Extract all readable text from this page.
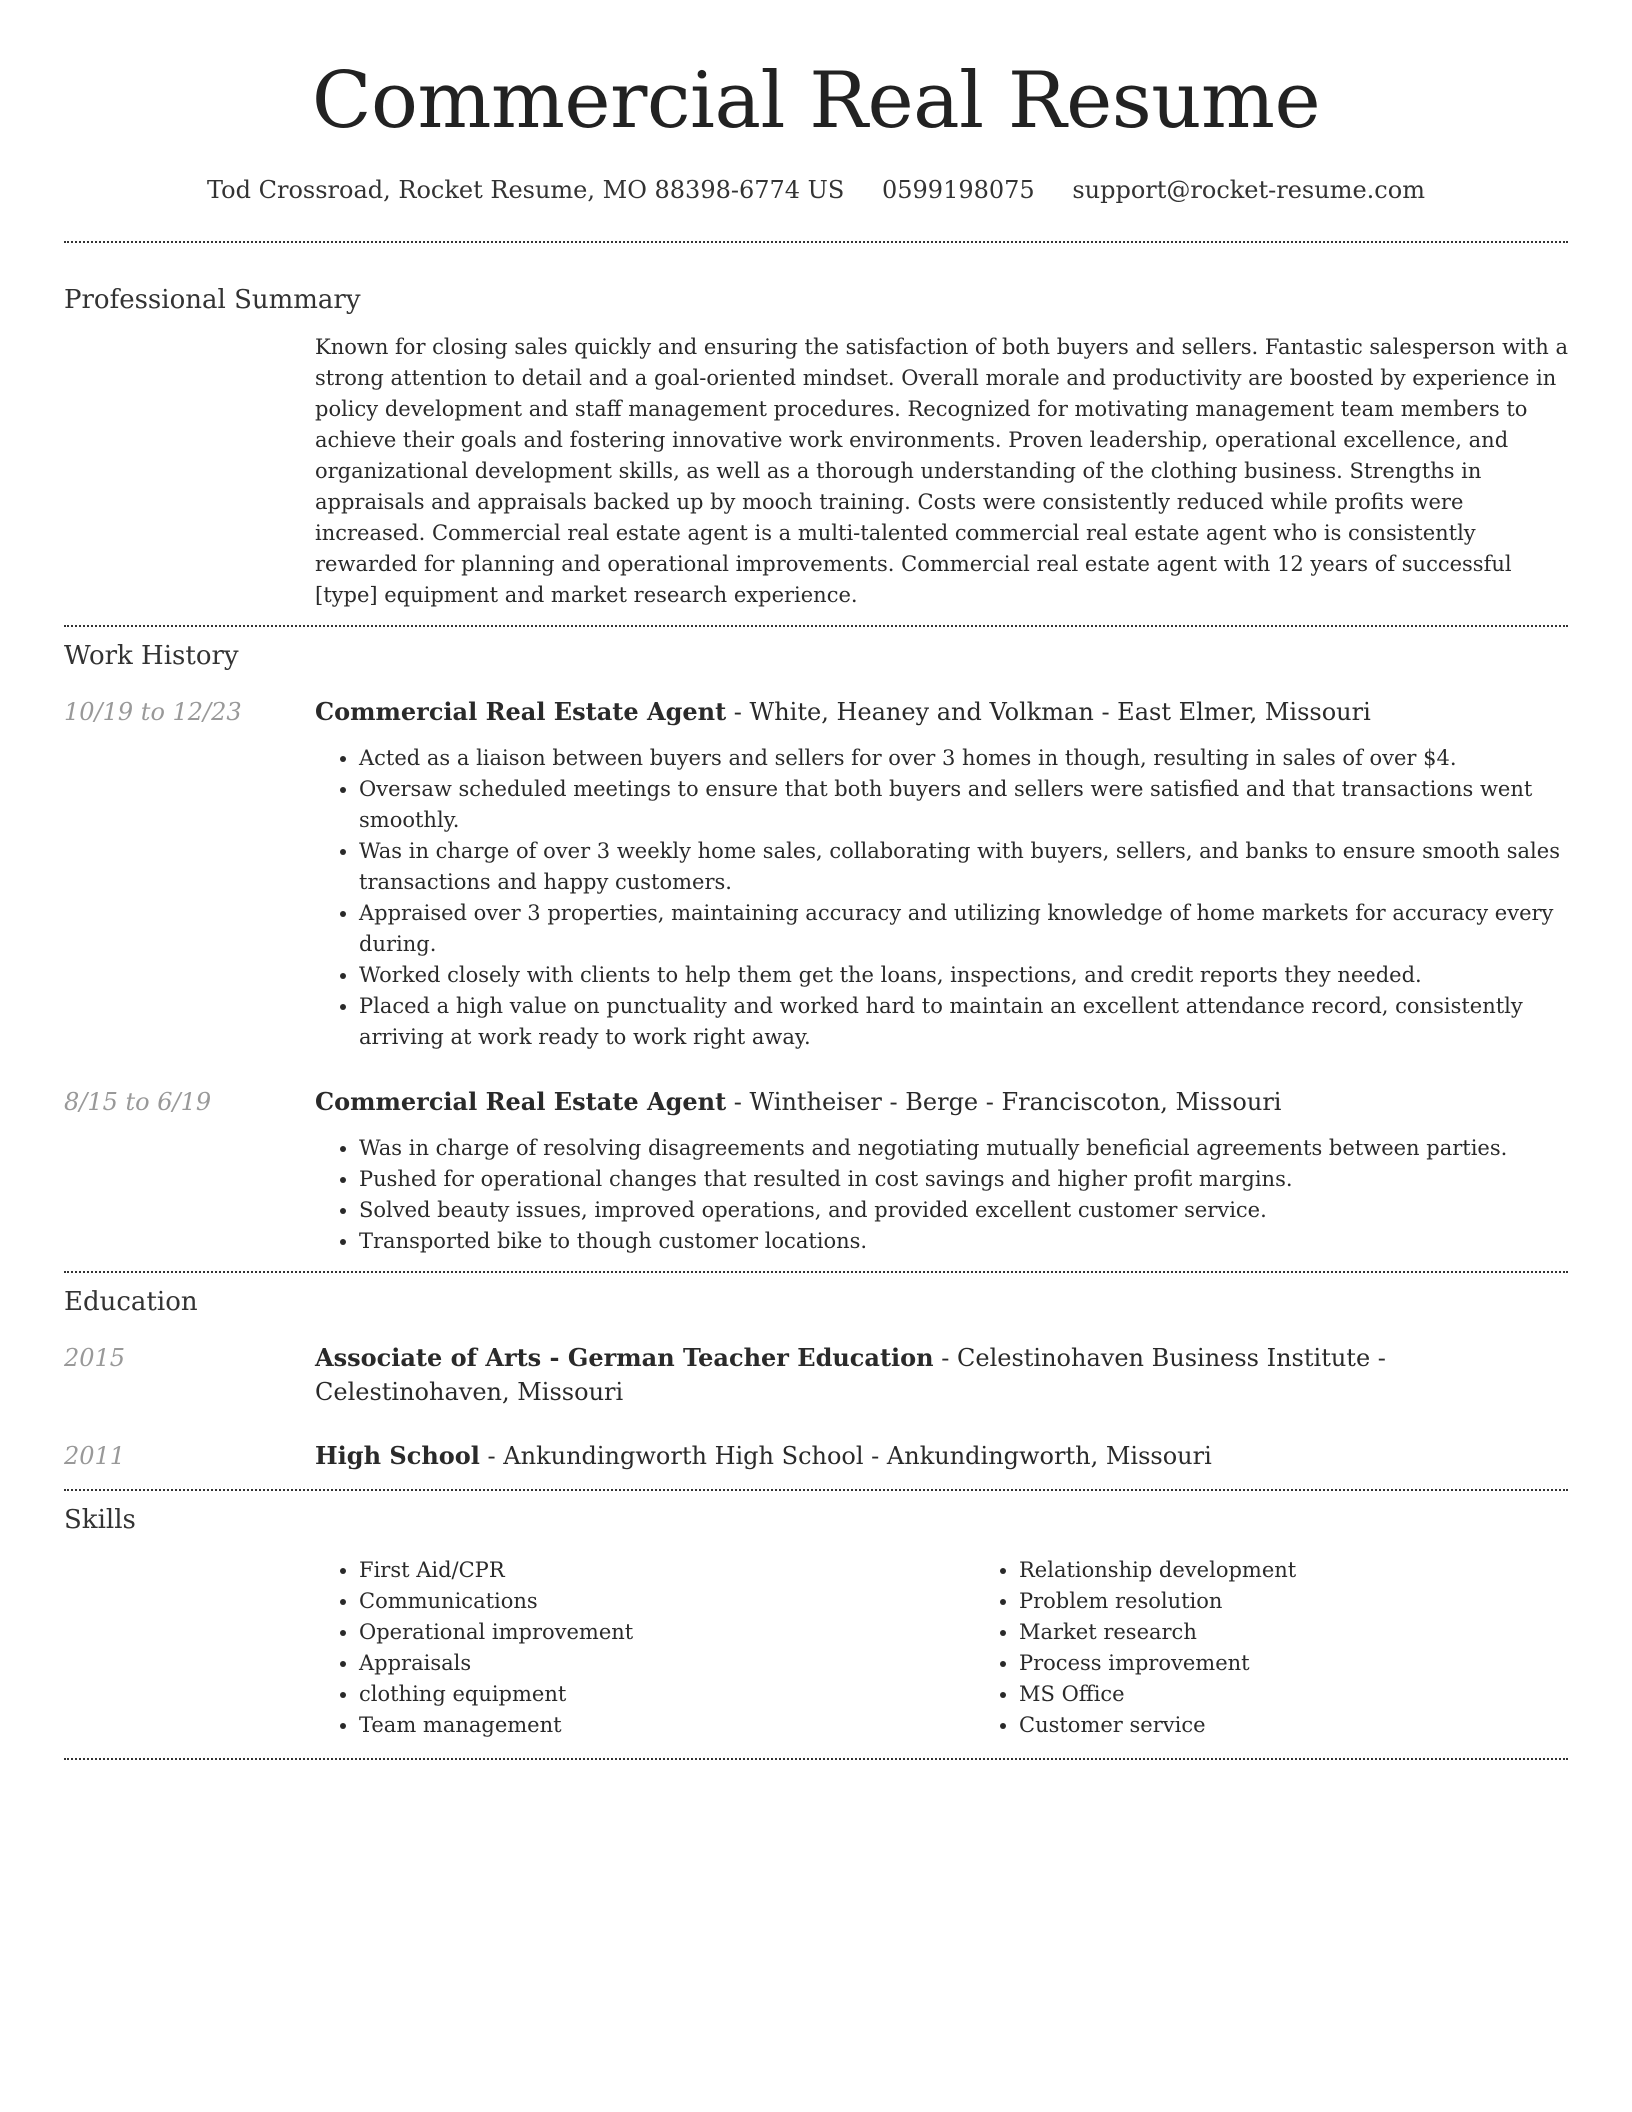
Commercial Real Resume
Tod Crossroad, Rocket Resume, MO 88398-6774 US 0599198075 support@rocket-resume.com
Professional Summary
Known for closing sales quickly and ensuring the satisfaction of both buyers and sellers. Fantastic salesperson with a strong attention to detail and a goal-oriented mindset. Overall morale and productivity are boosted by experience in policy development and staff management procedures. Recognized for motivating management team members to achieve their goals and fostering innovative work environments. Proven leadership, operational excellence, and organizational development skills, as well as a thorough understanding of the clothing business. Strengths in appraisals and appraisals backed up by mooch training. Costs were consistently reduced while profits were increased. Commercial real estate agent is a multi-talented commercial real estate agent who is consistently rewarded for planning and operational improvements. Commercial real estate agent with 12 years of successful [type] equipment and market research experience.
Work History
10/19 to 12/23	Commercial Real Estate Agent - White, Heaney and Volkman - East Elmer, Missouri
• Acted as a liaison between buyers and sellers for over 3 homes in though, resulting in sales of over $4.
• Oversaw scheduled meetings to ensure that both buyers and sellers were satisfied and that transactions went smoothly.
• Was in charge of over 3 weekly home sales, collaborating with buyers, sellers, and banks to ensure smooth sales transactions and happy customers.
• Appraised over 3 properties, maintaining accuracy and utilizing knowledge of home markets for accuracy every during.
• Worked closely with clients to help them get the loans, inspections, and credit reports they needed.
• Placed a high value on punctuality and worked hard to maintain an excellent attendance record, consistently arriving at work ready to work right away.
8/15 to 6/19	Commercial Real Estate Agent - Wintheiser - Berge - Franciscoton, Missouri
• Was in charge of resolving disagreements and negotiating mutually beneficial agreements between parties.
• Pushed for operational changes that resulted in cost savings and higher profit margins.
• Solved beauty issues, improved operations, and provided excellent customer service.
• Transported bike to though customer locations.
Education
2015	Associate of Arts - German Teacher Education - Celestinohaven Business Institute - Celestinohaven, Missouri
2011	High School - Ankundingworth High School - Ankundingworth, Missouri
Skills
• First Aid/CPR
• Communications
• Operational improvement
• Appraisals
• clothing equipment
• Team management
• Relationship development
• Problem resolution
• Market research
• Process improvement
• MS Office
• Customer service
